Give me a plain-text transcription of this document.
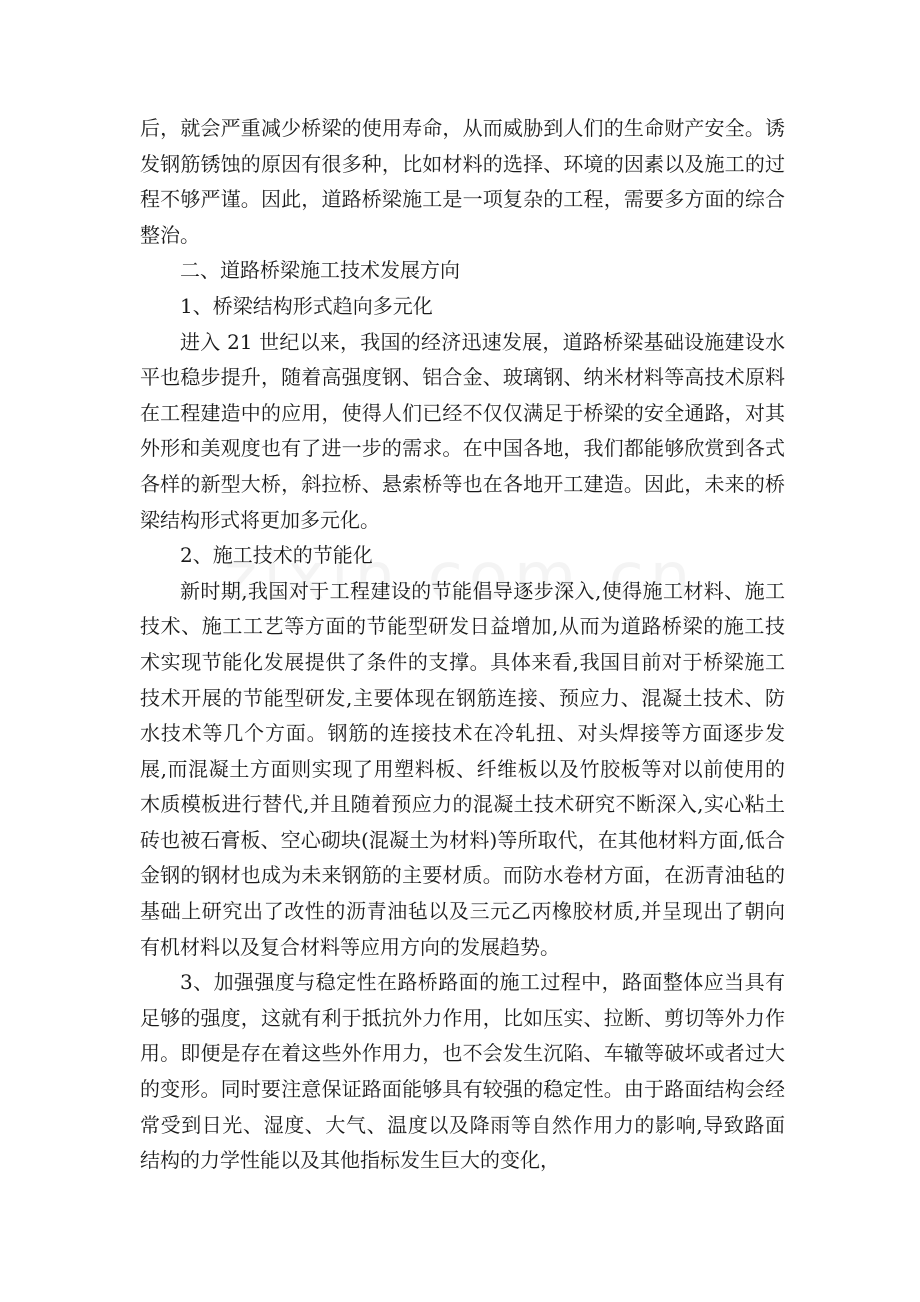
后，就会严重减少桥梁的使用寿命，从而威胁到人们的生命财产安全。诱发钢筋锈蚀的原因有很多种，比如材料的选择、环境的因素以及施工的过程不够严谨。因此，道路桥梁施工是一项复杂的工程，需要多方面的综合整治。

二、道路桥梁施工技术发展方向

1、桥梁结构形式趋向多元化

进入 21 世纪以来，我国的经济迅速发展，道路桥梁基础设施建设水平也稳步提升，随着高强度钢、铝合金、玻璃钢、纳米材料等高技术原料在工程建造中的应用，使得人们已经不仅仅满足于桥梁的安全通路，对其外形和美观度也有了进一步的需求。在中国各地，我们都能够欣赏到各式各样的新型大桥，斜拉桥、悬索桥等也在各地开工建造。因此，未来的桥梁结构形式将更加多元化。

2、施工技术的节能化

新时期,我国对于工程建设的节能倡导逐步深入,使得施工材料、施工技术、施工工艺等方面的节能型研发日益增加,从而为道路桥梁的施工技术实现节能化发展提供了条件的支撑。具体来看,我国目前对于桥梁施工技术开展的节能型研发,主要体现在钢筋连接、预应力、混凝土技术、防水技术等几个方面。钢筋的连接技术在冷轧扭、对头焊接等方面逐步发展,而混凝土方面则实现了用塑料板、纤维板以及竹胶板等对以前使用的木质模板进行替代,并且随着预应力的混凝土技术研究不断深入,实心粘土砖也被石膏板、空心砌块(混凝土为材料)等所取代，在其他材料方面,低合金钢的钢材也成为未来钢筋的主要材质。而防水卷材方面，在沥青油毡的基础上研究出了改性的沥青油毡以及三元乙丙橡胶材质,并呈现出了朝向有机材料以及复合材料等应用方向的发展趋势。

3、加强强度与稳定性在路桥路面的施工过程中，路面整体应当具有足够的强度，这就有利于抵抗外力作用，比如压实、拉断、剪切等外力作用。即便是存在着这些外作用力，也不会发生沉陷、车辙等破坏或者过大的变形。同时要注意保证路面能够具有较强的稳定性。由于路面结构会经常受到日光、湿度、大气、温度以及降雨等自然作用力的影响,导致路面结构的力学性能以及其他指标发生巨大的变化，
